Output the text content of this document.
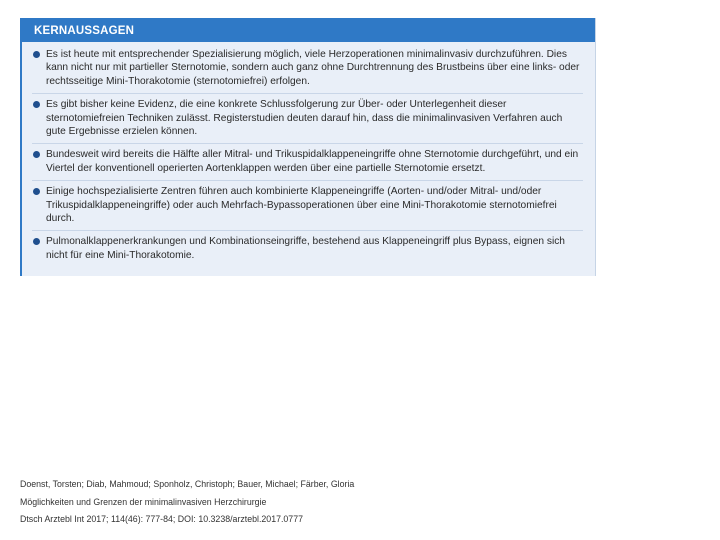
KERNAUSSAGEN
Es ist heute mit entsprechender Spezialisierung möglich, viele Herzoperationen minimalinvasiv durchzuführen. Dies kann nicht nur mit partieller Sternotomie, sondern auch ganz ohne Durchtrennung des Brustbeins über eine links- oder rechtsseitige Mini-Thorakotomie (sternotomiefrei) erfolgen.
Es gibt bisher keine Evidenz, die eine konkrete Schlussfolgerung zur Über- oder Unterlegenheit dieser sternotomiefreien Techniken zulässt. Registerstudien deuten darauf hin, dass die minimalinvasiven Verfahren auch gute Ergebnisse erzielen können.
Bundesweit wird bereits die Hälfte aller Mitral- und Trikuspidalklappeneingriffe ohne Sternotomie durchgeführt, und ein Viertel der konventionell operierten Aortenklappen werden über eine partielle Sternotomie ersetzt.
Einige hochspezialisierte Zentren führen auch kombinierte Klappeneingriffe (Aorten- und/oder Mitral- und/oder Trikuspidalklappeneingriffe) oder auch Mehrfach-Bypassoperationen über eine Mini-Thorakotomie sternotomiefrei durch.
Pulmonalklappenerkrankungen und Kombinationseingriffe, bestehend aus Klappeneingriff plus Bypass, eignen sich nicht für eine Mini-Thorakotomie.
Doenst, Torsten; Diab, Mahmoud; Sponholz, Christoph; Bauer, Michael; Färber, Gloria
Möglichkeiten und Grenzen der minimalinvasiven Herzchirurgie
Dtsch Arztebl Int 2017; 114(46): 777-84; DOI: 10.3238/arztebl.2017.0777
